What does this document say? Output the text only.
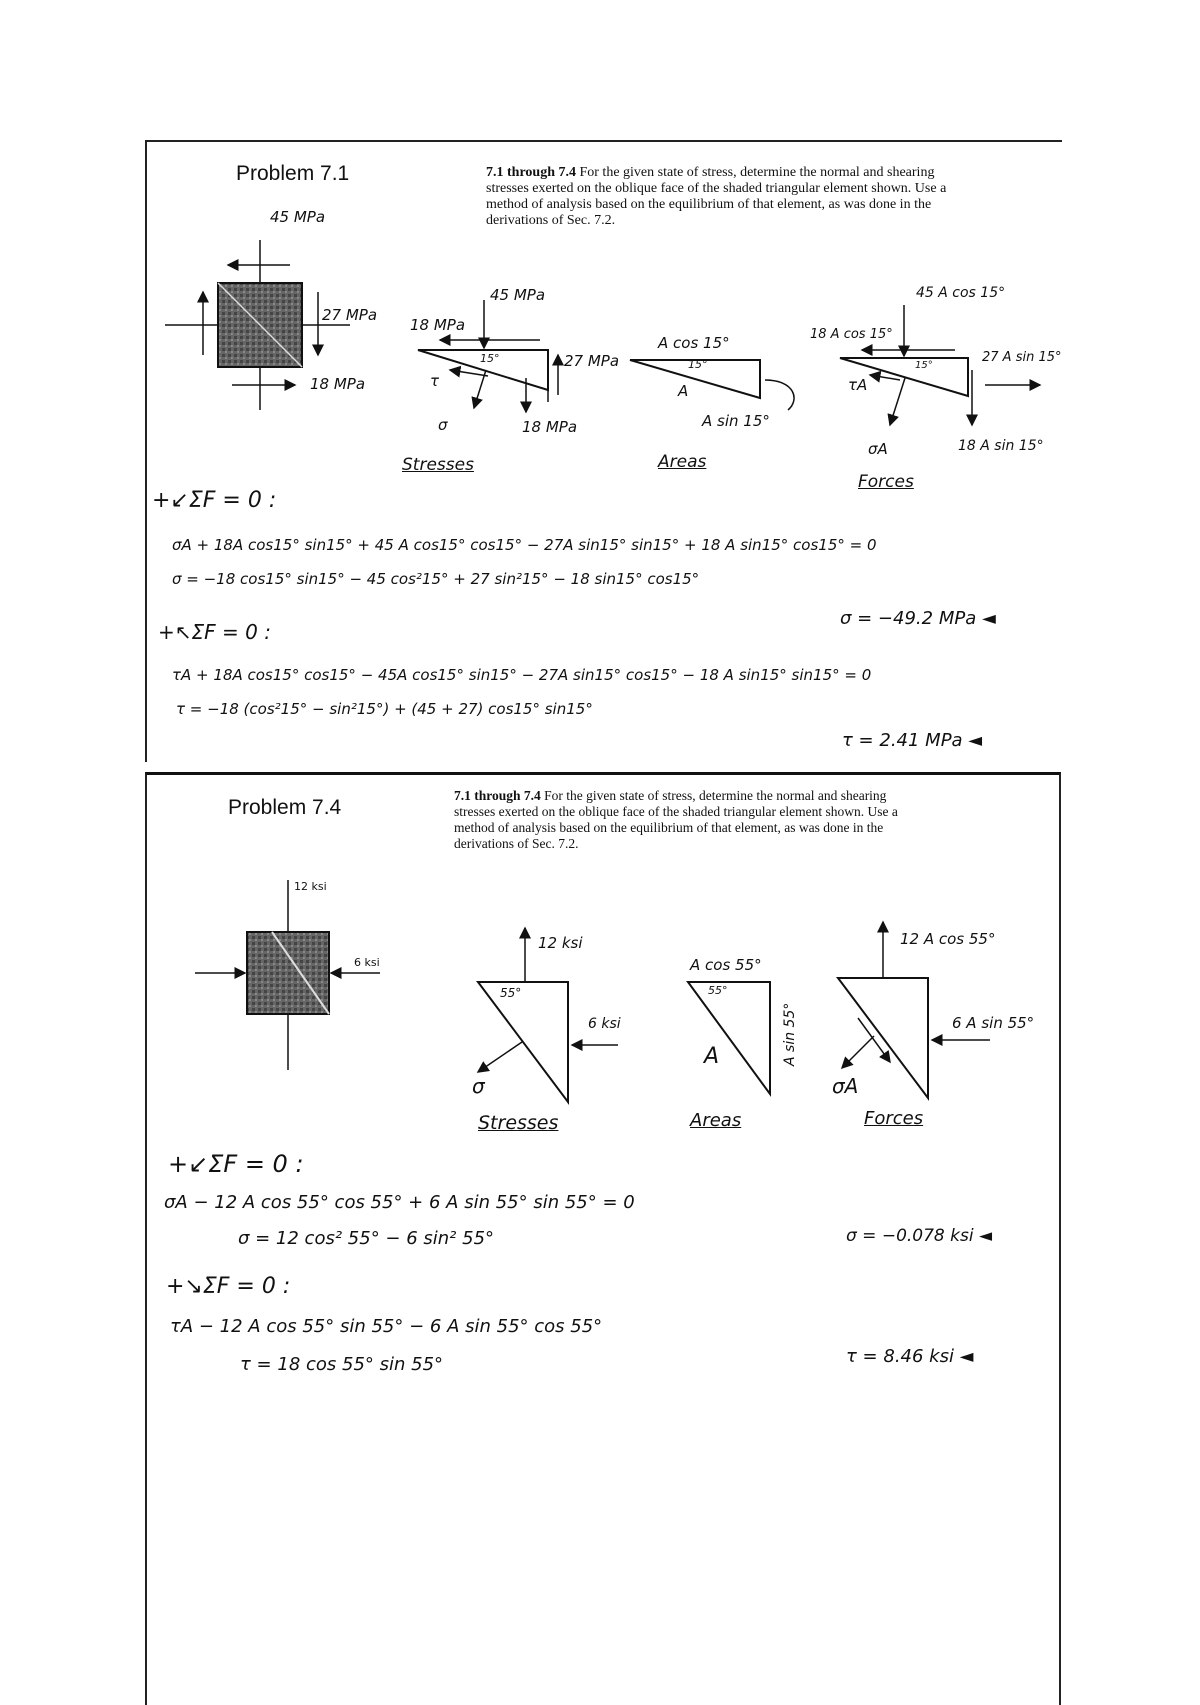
Problem 7.1	7.1 through 7.4 For the given state of stress, determine the normal and shearing
stresses exerted on the oblique face of the shaded triangular element shown. Use a
method of analysis based on the equilibrium of that element, as was done in the
derivations of Sec. 7.2.
45 MPa
27 MPa
18 MPa
45 MPa
18 MPa
27 MPa
18 MPa
15°
τ
σ
Stresses
A cos 15°
15°
A
A sin 15°
Areas
45 A cos 15°
18 A cos 15°
27 A sin 15°
18 A sin 15°
15°
τA
σA
Forces
+↙ΣF = 0 :
σA + 18A cos15° sin15° + 45 A cos15° cos15° − 27A sin15° sin15° + 18 A sin15° cos15° = 0
σ = −18 cos15° sin15° − 45 cos²15° + 27 sin²15° − 18 sin15° cos15°
σ = −49.2 MPa ◄
+↖ΣF = 0 :
τA + 18A cos15° cos15° − 45A cos15° sin15° − 27A sin15° cos15° − 18 A sin15° sin15° = 0
τ = −18 (cos²15° − sin²15°) + (45 + 27) cos15° sin15°
τ = 2.41 MPa ◄
Problem 7.4
7.1 through 7.4 For the given state of stress, determine the normal and shearing
stresses exerted on the oblique face of the shaded triangular element shown. Use a
method of analysis based on the equilibrium of that element, as was done in the
derivations of Sec. 7.2.
12 ksi
6 ksi
12 ksi
55°
6 ksi
σ
Stresses
A cos 55°
55°
A	A sin 55°
Areas
12 A cos 55°
6 A sin 55°
σA
Forces
+↙ΣF = 0 :
σA − 12 A cos 55° cos 55° + 6 A sin 55° sin 55° = 0
σ = 12 cos² 55° − 6 sin² 55°	σ = −0.078 ksi ◄
+↘ΣF = 0 :
τA − 12 A cos 55° sin 55° − 6 A sin 55° cos 55°
τ = 18 cos 55° sin 55°	τ = 8.46 ksi ◄
